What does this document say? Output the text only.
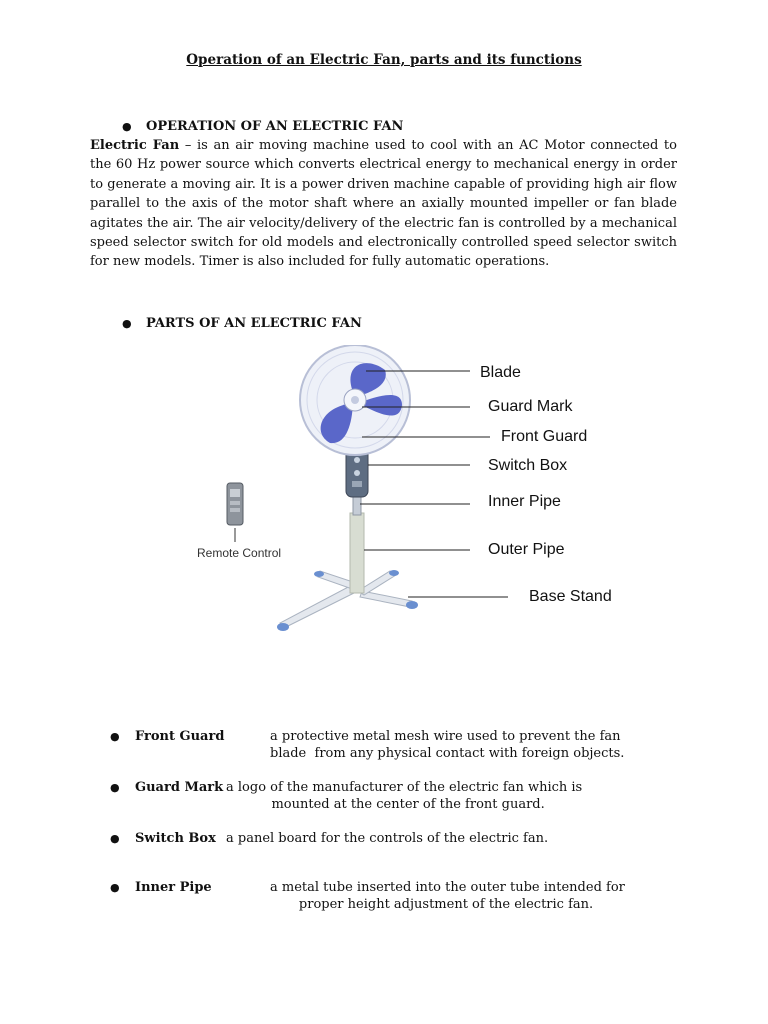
Operation of an Electric Fan, parts and its functions
● OPERATION OF AN ELECTRIC FAN
Electric Fan – is an air moving machine used to cool with an AC Motor connected to the 60 Hz power source which converts electrical energy to mechanical energy in order to generate a moving air. It is a power driven machine capable of providing high air flow parallel to the axis of the motor shaft where an axially mounted impeller or fan blade agitates the air. The air velocity/delivery of the electric fan is controlled by a mechanical speed selector switch for old models and electronically controlled speed selector switch for new models. Timer is also included for fully automatic operations.
● PARTS OF AN ELECTRIC FAN
Remote Control
Blade
Guard Mark
Front Guard
Switch Box
Inner Pipe
Outer Pipe
Base Stand
● Front Guard	a protective metal mesh wire used to prevent the fan
blade  from any physical contact with foreign objects.
● Guard Mark a logo of the manufacturer of the electric fan which is
mounted at the center of the front guard.
● Switch Box a panel board for the controls of the electric fan.
● Inner Pipe	a metal tube inserted into the outer tube intended for
proper height adjustment of the electric fan.
